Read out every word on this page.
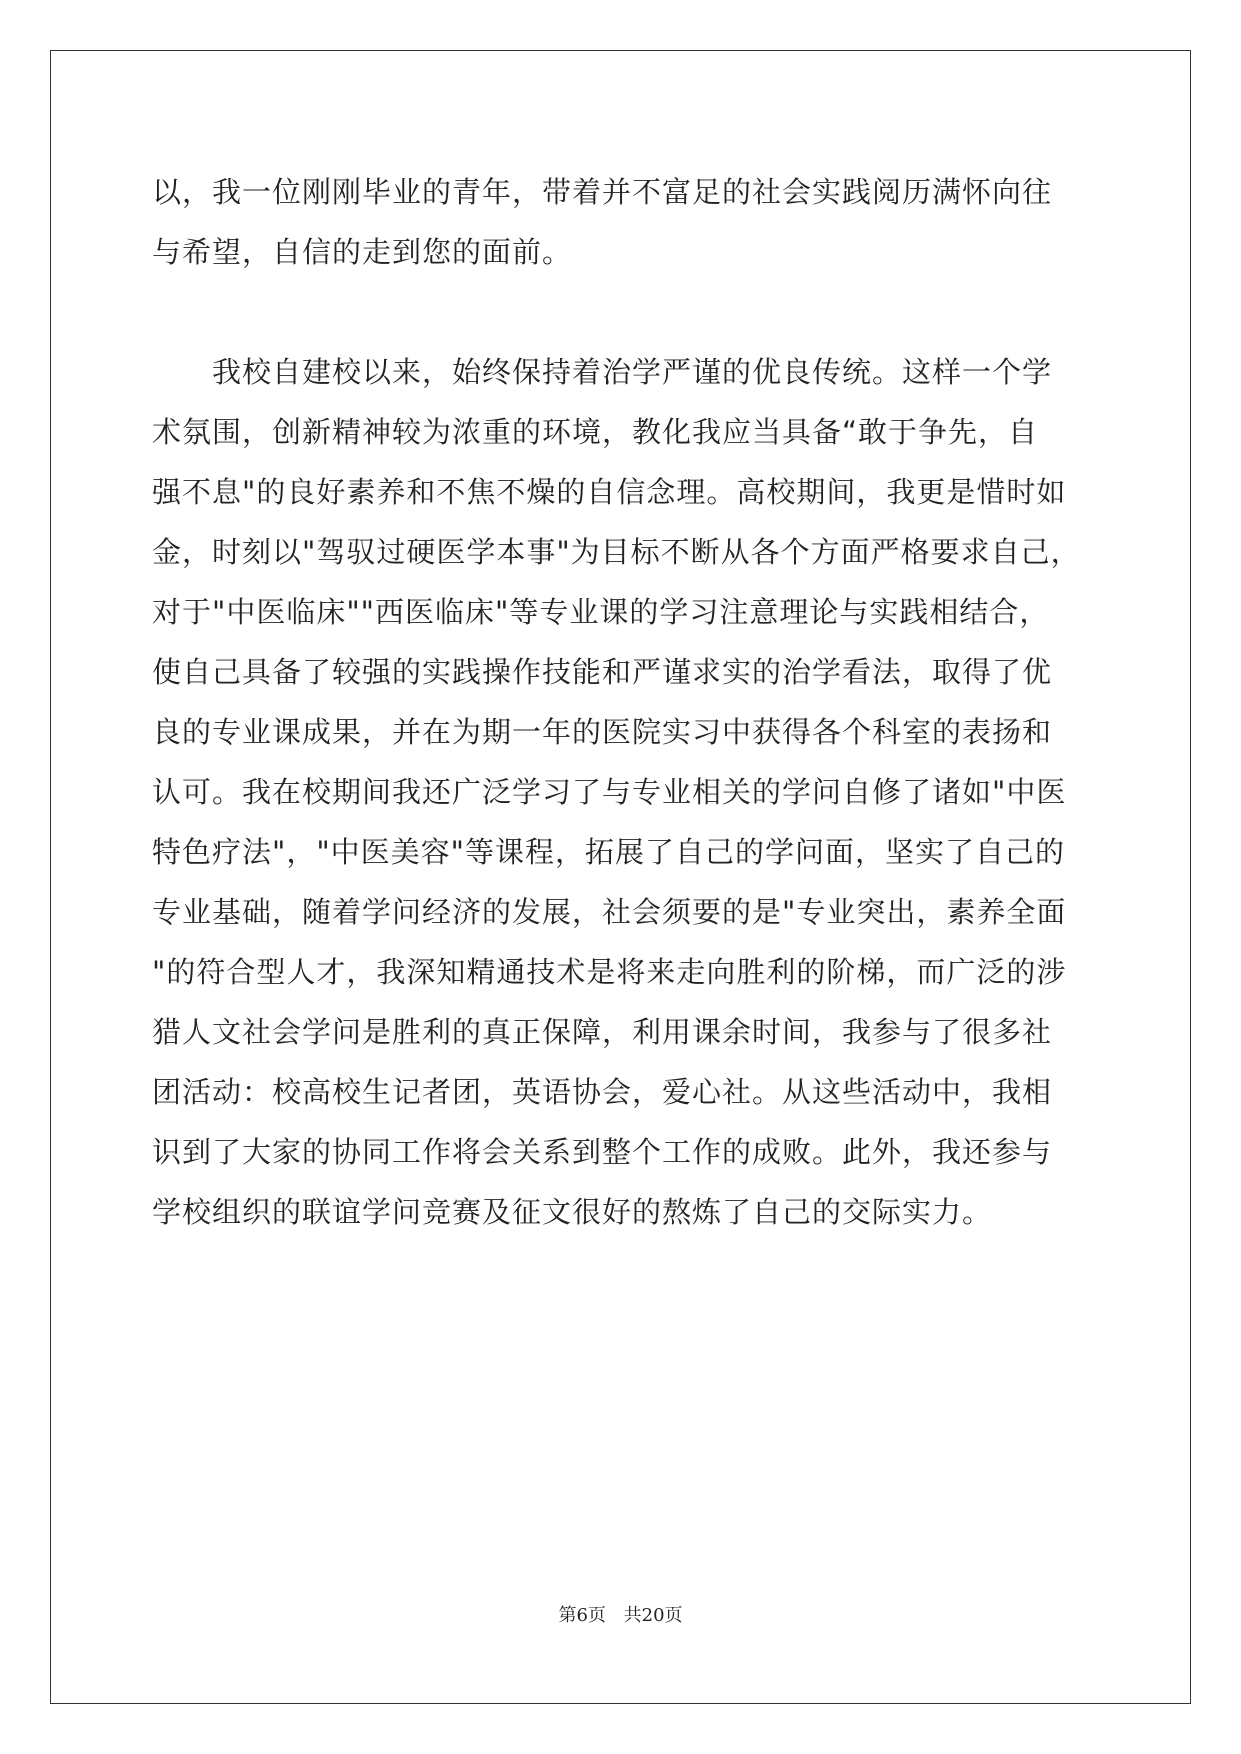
以，我一位刚刚毕业的青年，带着并不富足的社会实践阅历满怀向往
与希望，自信的走到您的面前。
　　我校自建校以来，始终保持着治学严谨的优良传统。这样一个学
术氛围，创新精神较为浓重的环境，教化我应当具备“敢于争先，自
强不息"的良好素养和不焦不燥的自信念理。高校期间，我更是惜时如
金，时刻以"驾驭过硬医学本事"为目标不断从各个方面严格要求自己，
对于"中医临床""西医临床"等专业课的学习注意理论与实践相结合，
使自己具备了较强的实践操作技能和严谨求实的治学看法，取得了优
良的专业课成果，并在为期一年的医院实习中获得各个科室的表扬和
认可。我在校期间我还广泛学习了与专业相关的学问自修了诸如"中医
特色疗法"，"中医美容"等课程，拓展了自己的学问面，坚实了自己的
专业基础，随着学问经济的发展，社会须要的是"专业突出，素养全面
"的符合型人才，我深知精通技术是将来走向胜利的阶梯，而广泛的涉
猎人文社会学问是胜利的真正保障，利用课余时间，我参与了很多社
团活动：校高校生记者团，英语协会，爱心社。从这些活动中，我相
识到了大家的协同工作将会关系到整个工作的成败。此外，我还参与
学校组织的联谊学问竞赛及征文很好的熬炼了自己的交际实力。
第6页 共20页
